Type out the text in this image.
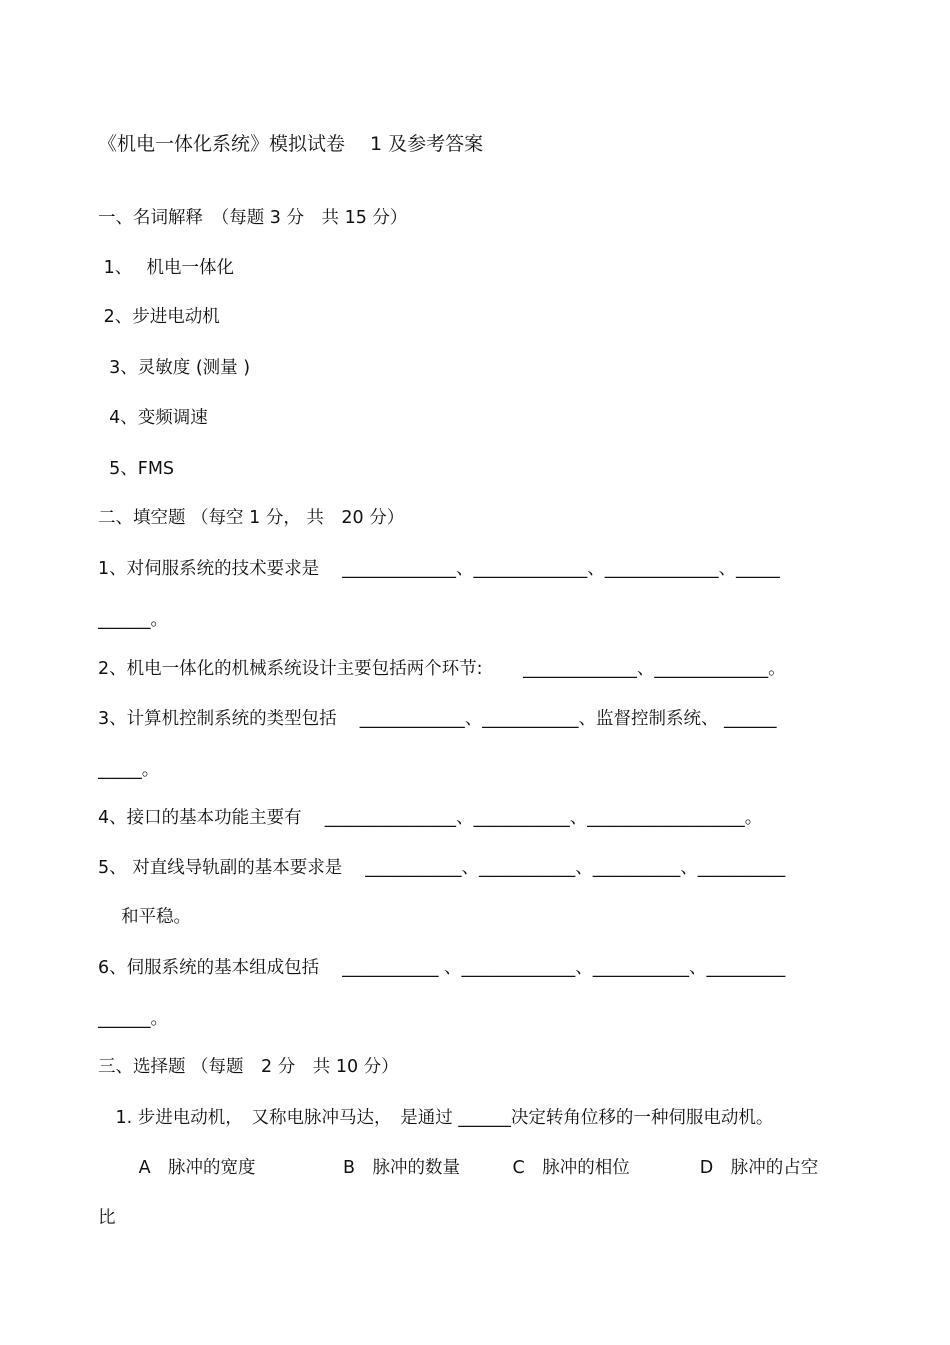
《机电一体化系统》模拟试卷　 1 及参考答案
一、名词解释　（每题 3 分　共 15 分）
1、　 机电一体化
2、步进电动机
3、灵敏度 (测量 )
4、变频调速
5、FMS
二、填空题 （每空 1 分， 共　20 分）
1、对伺服系统的技术要求是　 _____________、_____________、_____________、_____
______。
2、机电一体化的机械系统设计主要包括两个环节:　　 _____________、_____________。
3、计算机控制系统的类型包括　 ____________、___________、监督控制系统、 ______
_____。
4、接口的基本功能主要有　 _______________、___________、__________________。
5、 对直线导轨副的基本要求是　 ___________、___________、__________、__________
　 和平稳。
6、伺服系统的基本组成包括　 ___________ 、_____________、___________、_________
______。
三、选择题 （每题　2 分　共 10 分）
　1. 步进电动机，　又称电脉冲马达，　是通过 ______决定转角位移的一种伺服电动机。
　　 A　脉冲的宽度　　　　　B　脉冲的数量　　　C　脉冲的相位　　　　D　脉冲的占空
比
